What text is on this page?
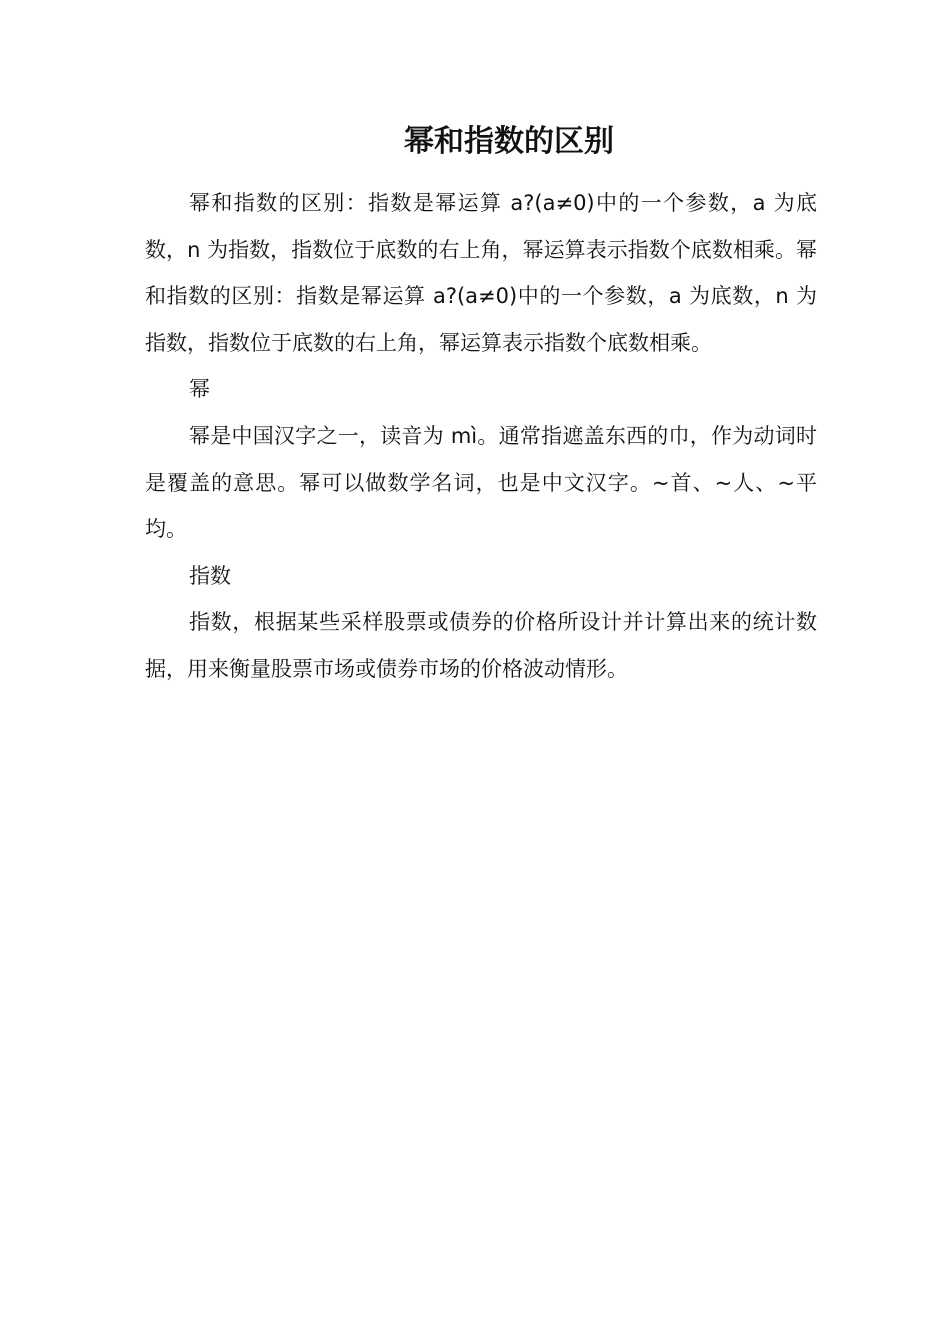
幂和指数的区别

幂和指数的区别：指数是幂运算 a?(a≠0)中的一个参数，a 为底数，n 为指数，指数位于底数的右上角，幂运算表示指数个底数相乘。幂和指数的区别：指数是幂运算 a?(a≠0)中的一个参数，a 为底数，n 为指数，指数位于底数的右上角，幂运算表示指数个底数相乘。

幂

幂是中国汉字之一，读音为 mì。通常指遮盖东西的巾，作为动词时是覆盖的意思。幂可以做数学名词，也是中文汉字。~首、~人、~平均。

指数

指数，根据某些采样股票或债券的价格所设计并计算出来的统计数据，用来衡量股票市场或债券市场的价格波动情形。
